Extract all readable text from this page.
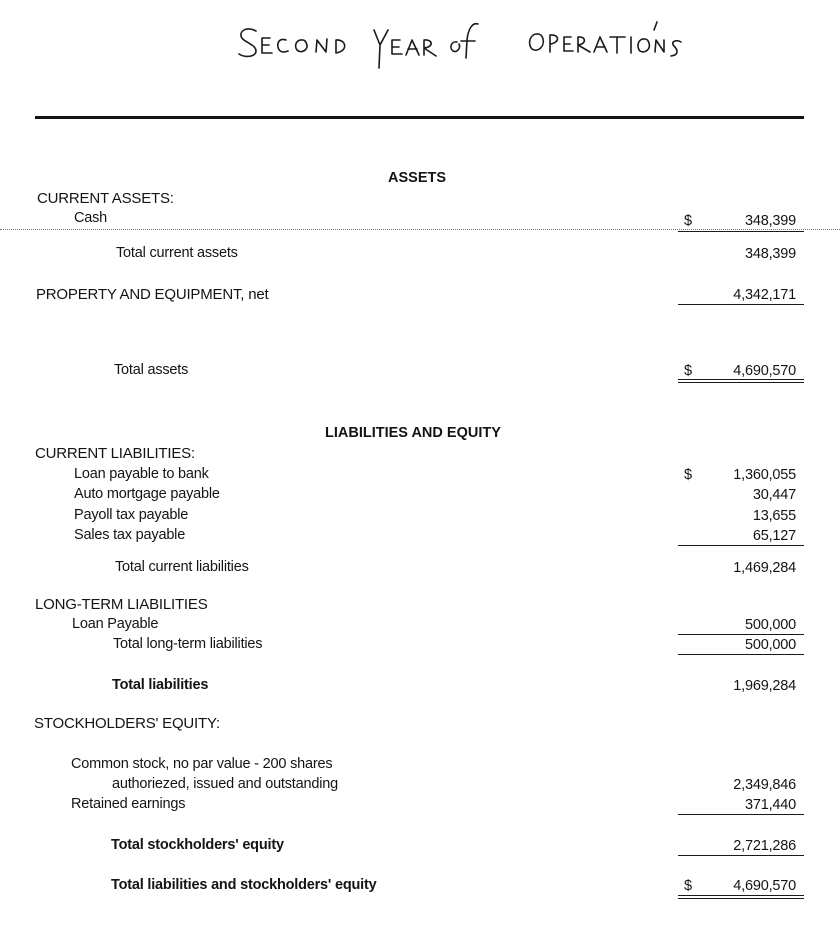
ASSETS
CURRENT ASSETS:
Cash	$	348,399
Total current assets	348,399
PROPERTY AND EQUIPMENT, net	4,342,171
Total assets	$	4,690,570
LIABILITIES AND EQUITY
CURRENT LIABILITIES:
Loan payable to bank	$	1,360,055
Auto mortgage payable	30,447
Payoll tax payable	13,655
Sales tax payable	65,127
Total current liabilities	1,469,284
LONG-TERM LIABILITIES
Loan Payable	500,000
Total long-term liabilities	500,000
Total liabilities	1,969,284
STOCKHOLDERS' EQUITY:
Common stock, no par value - 200 shares
authoriezed, issued and outstanding	2,349,846
Retained earnings	371,440
Total stockholders' equity	2,721,286
Total liabilities and stockholders' equity	$	4,690,570
